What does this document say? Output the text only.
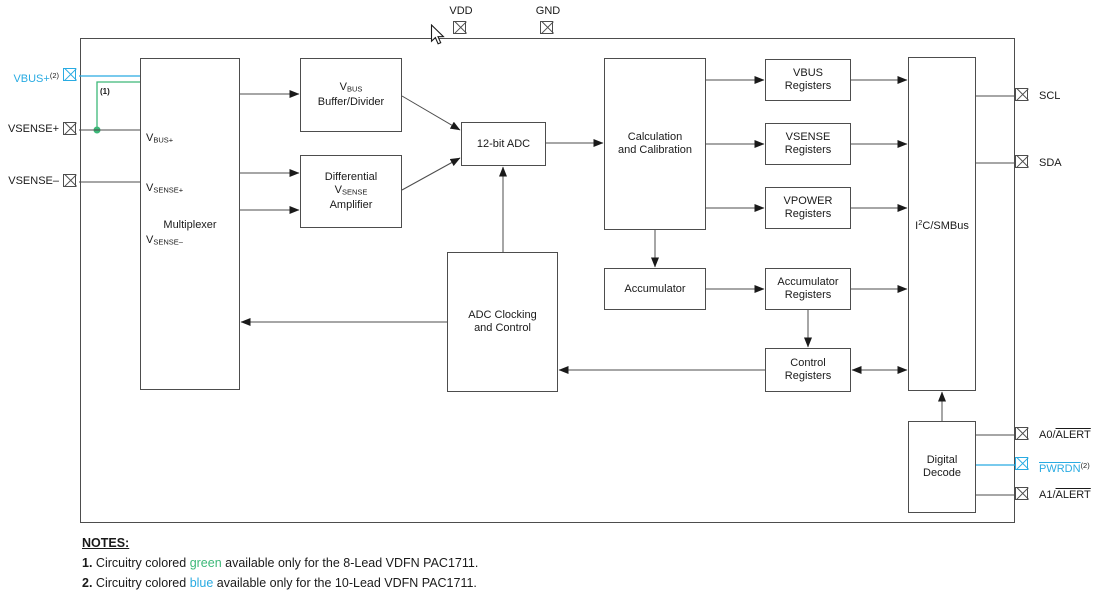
Multiplexer
VBUS+
VSENSE+
VSENSE–
VBUS
Buffer/Divider
Differential
VSENSE
Amplifier
12-bit ADC
Calculation
and Calibration
VBUS
Registers
VSENSE
Registers
VPOWER
Registers
Accumulator
Accumulator
Registers
Control
Registers
ADC Clocking
and Control
$I^2C$/SMBus
Digital
Decode
VDD	GND
VBUS+$^{(2)}$
(1)
VSENSE+
VSENSE–
SCL
SDA
A0/ALERT
PWRDN$^{(2)}$
A1/ALERT
NOTES:
1. Circuitry colored green available only for the 8-Lead VDFN PAC1711.
2. Circuitry colored blue available only for the 10-Lead VDFN PAC1711.
